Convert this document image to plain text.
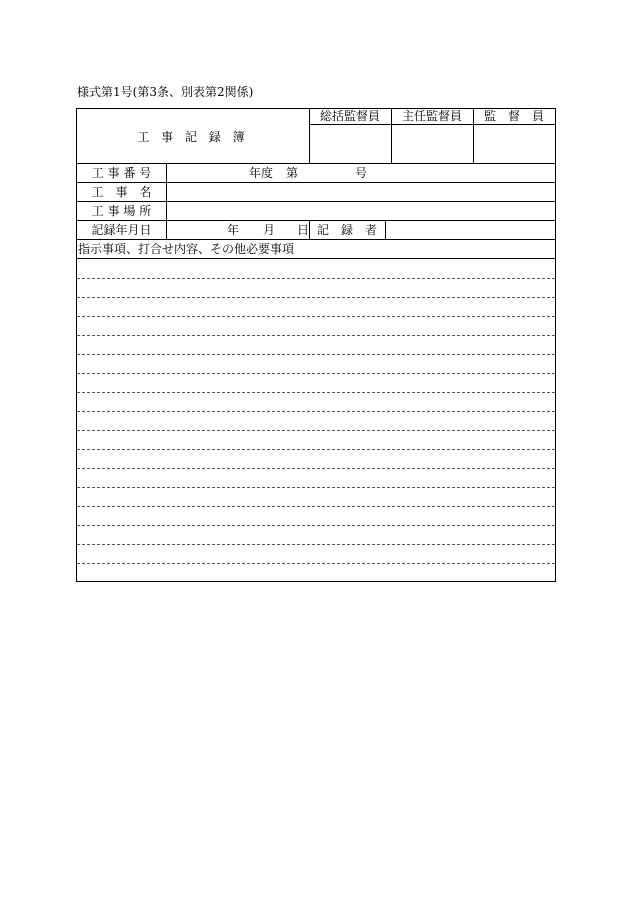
様式第1号(第3条、別表第2関係)
工 事 記 録 簿
総括監督員	主任監督員	監　督　員
工 事 番 号	年度 第	号
工　事　名
工 事 場 所
記録年月日	年 月 日 記　録　者
指示事項、打合せ内容、その他必要事項
